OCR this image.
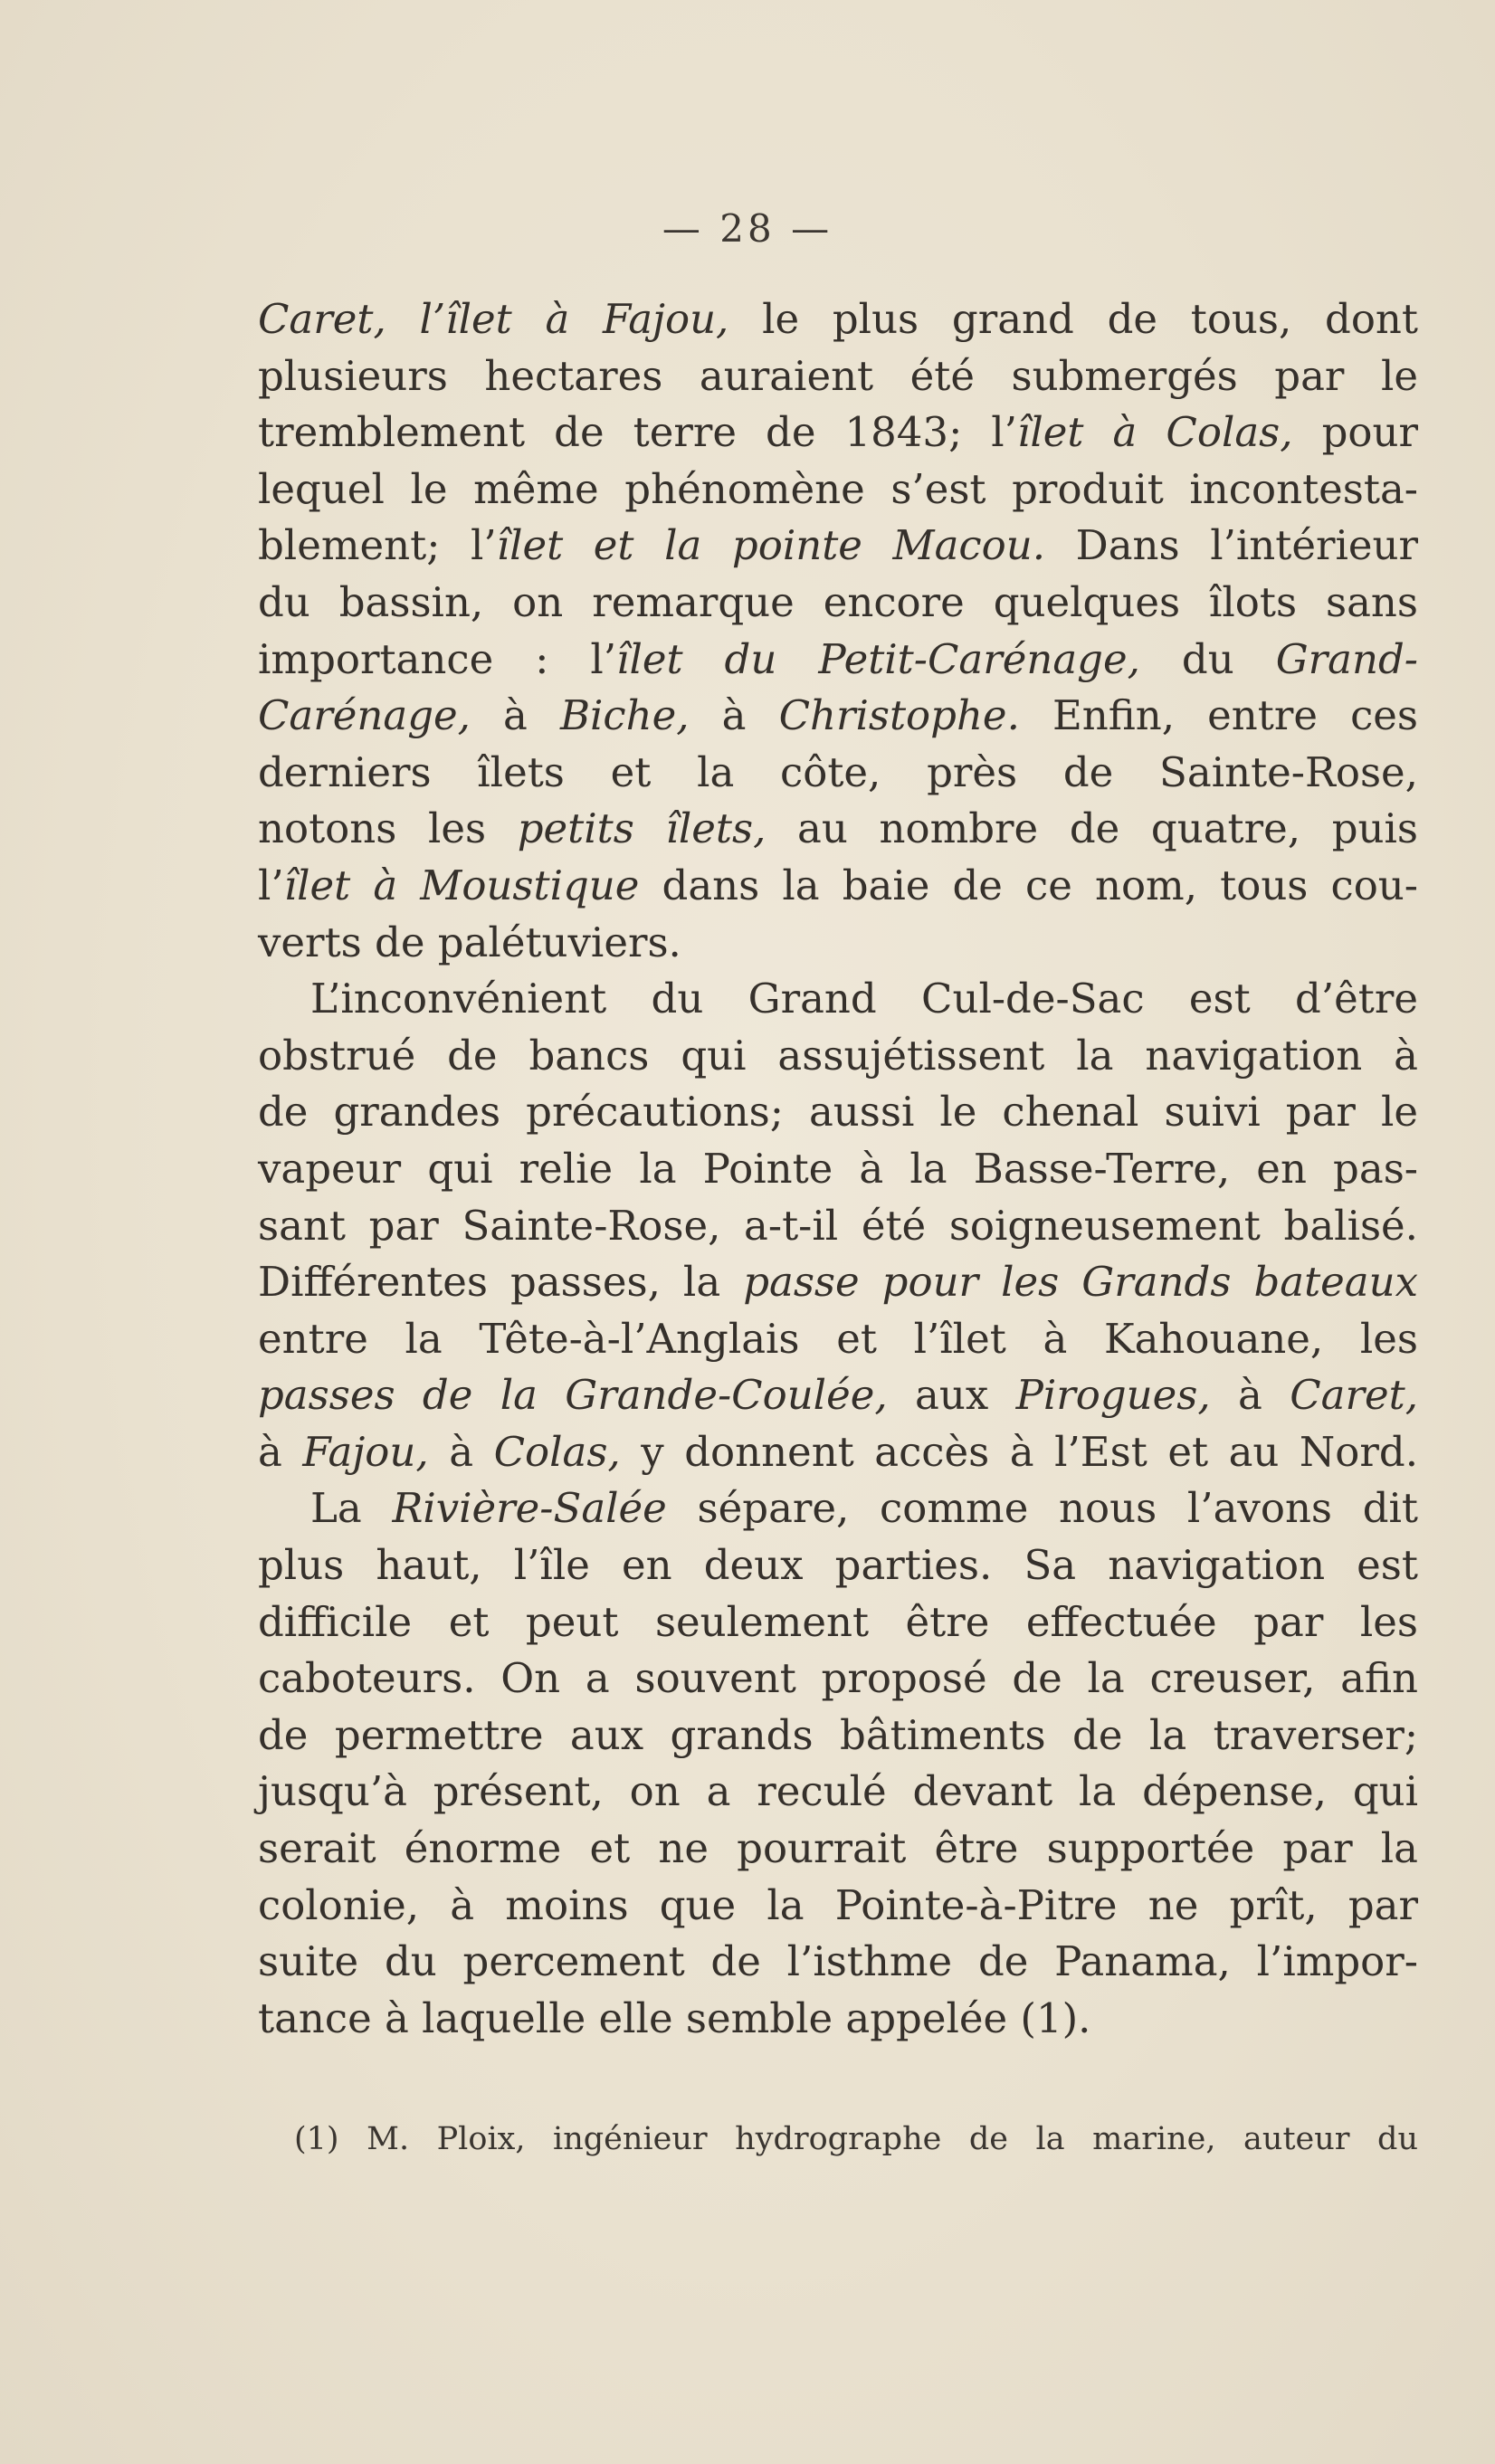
— 28 —
Caret, l’îlet à Fajou, le plus grand de tous, dont
plusieurs hectares auraient été submergés par le
tremblement de terre de 1843; l’îlet à Colas, pour
lequel le même phénomène s’est produit incontesta-
blement; l’îlet et la pointe Macou. Dans l’intérieur
du bassin, on remarque encore quelques îlots sans
importance : l’îlet du Petit-Carénage, du Grand-
Carénage, à Biche, à Christophe. Enfin, entre ces
derniers îlets et la côte, près de Sainte-Rose,
notons les petits îlets, au nombre de quatre, puis
l’îlet à Moustique dans la baie de ce nom, tous cou-
verts de palétuviers.
L’inconvénient du Grand Cul-de-Sac est d’être
obstrué de bancs qui assujétissent la navigation à
de grandes précautions; aussi le chenal suivi par le
vapeur qui relie la Pointe à la Basse-Terre, en pas-
sant par Sainte-Rose, a-t-il été soigneusement balisé.
Différentes passes, la passe pour les Grands bateaux
entre la Tête-à-l’Anglais et l’îlet à Kahouane, les
passes de la Grande-Coulée, aux Pirogues, à Caret,
à Fajou, à Colas, y donnent accès à l’Est et au Nord.
La Rivière-Salée sépare, comme nous l’avons dit
plus haut, l’île en deux parties. Sa navigation est
difficile et peut seulement être effectuée par les
caboteurs. On a souvent proposé de la creuser, afin
de permettre aux grands bâtiments de la traverser;
jusqu’à présent, on a reculé devant la dépense, qui
serait énorme et ne pourrait être supportée par la
colonie, à moins que la Pointe-à-Pitre ne prît, par
suite du percement de l’isthme de Panama, l’impor-
tance à laquelle elle semble appelée (1).
(1) M. Ploix, ingénieur hydrographe de la marine, auteur du
